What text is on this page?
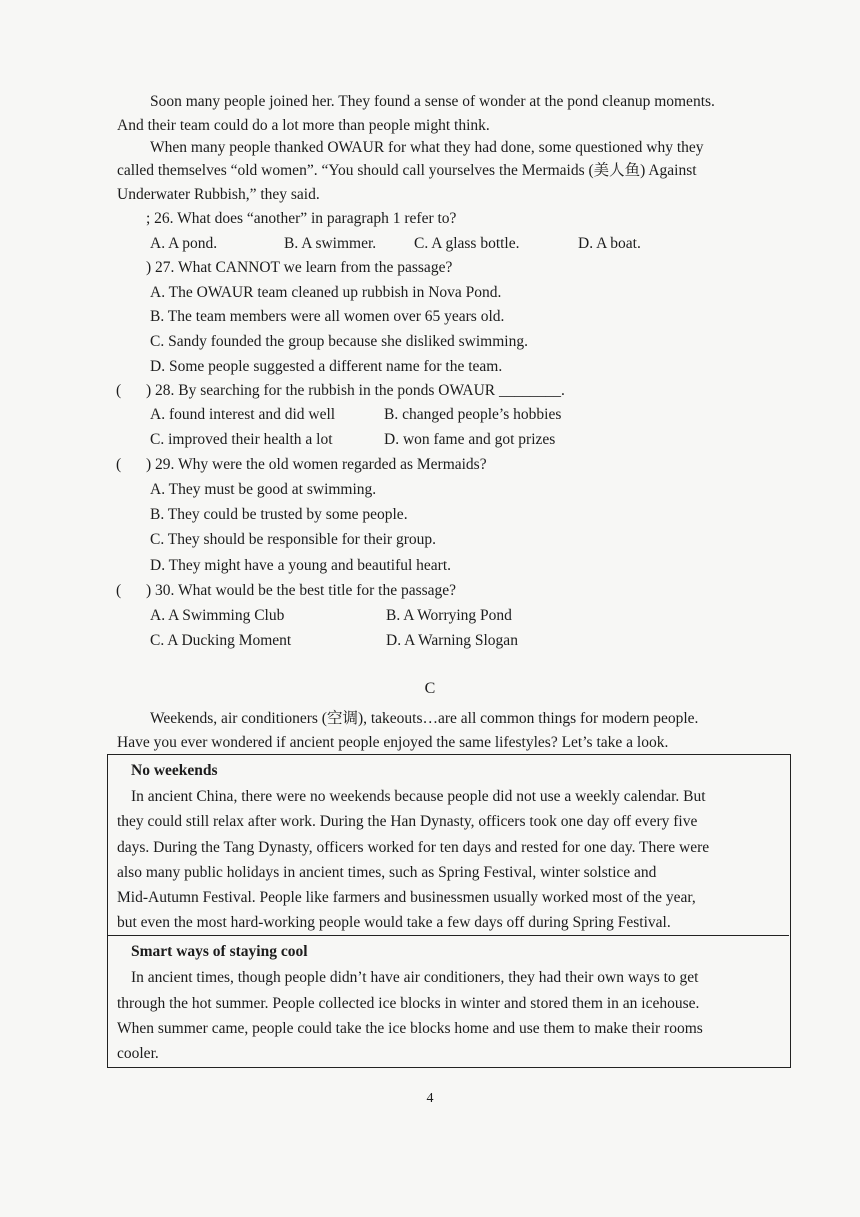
Soon many people joined her. They found a sense of wonder at the pond cleanup moments.
And their team could do a lot more than people might think.
When many people thanked OWAUR for what they had done, some questioned why they
called themselves “old women”. “You should call yourselves the Mermaids (美人鱼) Against
Underwater Rubbish,” they said.
; 26. What does “another” in paragraph 1 refer to?
A. A pond.	B. A swimmer. C. A glass bottle.	D. A boat.
) 27. What CANNOT we learn from the passage?
A. The OWAUR team cleaned up rubbish in Nova Pond.
B. The team members were all women over 65 years old.
C. Sandy founded the group because she disliked swimming.
D. Some people suggested a different name for the team.
( ) 28. By searching for the rubbish in the ponds OWAUR ________.
A. found interest and did well	B. changed people’s hobbies
C. improved their health a lot	D. won fame and got prizes
( ) 29. Why were the old women regarded as Mermaids?
A. They must be good at swimming.
B. They could be trusted by some people.
C. They should be responsible for their group.
D. They might have a young and beautiful heart.
( ) 30. What would be the best title for the passage?
A. A Swimming Club	B. A Worrying Pond
C. A Ducking Moment	D. A Warning Slogan
C
Weekends, air conditioners (空调), takeouts…are all common things for modern people.
Have you ever wondered if ancient people enjoyed the same lifestyles? Let’s take a look.
No weekends
In ancient China, there were no weekends because people did not use a weekly calendar. But
they could still relax after work. During the Han Dynasty, officers took one day off every five
days. During the Tang Dynasty, officers worked for ten days and rested for one day. There were
also many public holidays in ancient times, such as Spring Festival, winter solstice and
Mid-Autumn Festival. People like farmers and businessmen usually worked most of the year,
but even the most hard-working people would take a few days off during Spring Festival.
Smart ways of staying cool
In ancient times, though people didn’t have air conditioners, they had their own ways to get
through the hot summer. People collected ice blocks in winter and stored them in an icehouse.
When summer came, people could take the ice blocks home and use them to make their rooms
cooler.
4
